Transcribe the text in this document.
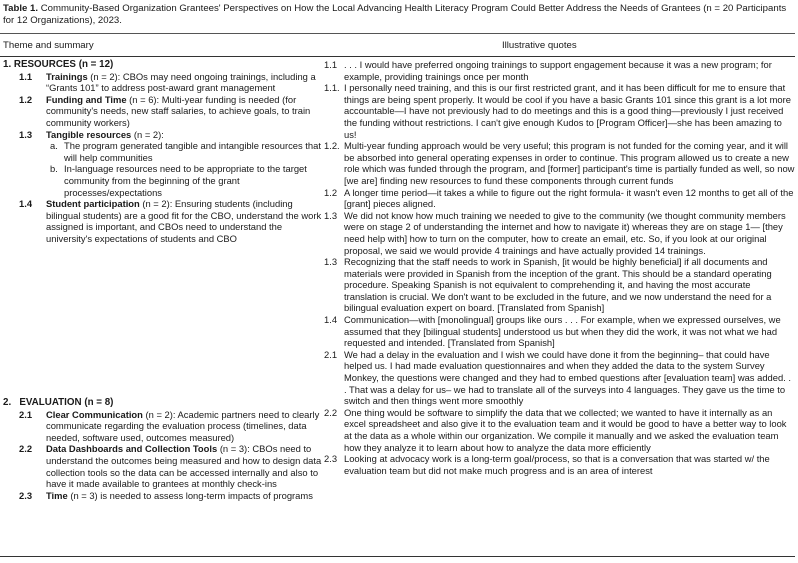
Table 1. Community-Based Organization Grantees' Perspectives on How the Local Advancing Health Literacy Program Could Better Address the Needs of Grantees (n = 20 Participants for 12 Organizations), 2023.
Theme and summary	Illustrative quotes
1. RESOURCES (n = 12)
1.1 Trainings (n = 2): CBOs may need ongoing trainings, including a “Grants 101” to address post-award grant management
1.2 Funding and Time (n = 6): Multi-year funding is needed (for community's needs, new staff salaries, to achieve goals, to train community workers)
1.3 Tangible resources (n = 2):
a. The program generated tangible and intangible resources that will help communities
b. In-language resources need to be appropriate to the target community from the beginning of the grant processes/expectations
1.4 Student participation (n = 2): Ensuring students (including bilingual students) are a good fit for the CBO, understand the work assigned is important, and CBOs need to understand the university's expectations of students and CBO
2. EVALUATION (n = 8)
2.1 Clear Communication (n = 2): Academic partners need to clearly communicate regarding the evaluation process (timelines, data needed, software used, outcomes measured)
2.2 Data Dashboards and Collection Tools (n = 3): CBOs need to understand the outcomes being measured and how to design data collection tools so the data can be accessed internally and also to have it made available to grantees at monthly check-ins
2.3 Time (n = 3) is needed to assess long-term impacts of programs
1.1 . . . I would have preferred ongoing trainings to support engagement because it was a new program; for example, providing trainings once per month
1.1. I personally need training, and this is our first restricted grant, and it has been difficult for me to ensure that things are being spent properly. It would be cool if you have a basic Grants 101 since this grant is a lot more accountable—I have not previously had to do meetings and this is a good thing—previously I just received the funding without restrictions. I can't give enough Kudos to [Program Officer]—she has been amazing to us!
1.2. Multi-year funding approach would be very useful; this program is not funded for the coming year, and it will be absorbed into general operating expenses in order to continue. This program allowed us to create a new role which was funded through the program, and [former] participant's time is partially funded as well, so now [we are] finding new resources to fund these components through current funds
1.2 A longer time period—it takes a while to figure out the right formula- it wasn't even 12 months to get all of the [grant] pieces aligned.
1.3 We did not know how much training we needed to give to the community (we thought community members were on stage 2 of understanding the internet and how to navigate it) whereas they are on stage 1— [they need help with] how to turn on the computer, how to create an email, etc. So, if you look at our original proposal, we said we would provide 4 trainings and have actually provided 14 trainings.
1.3 Recognizing that the staff needs to work in Spanish, [it would be highly beneficial] if all documents and materials were provided in Spanish from the inception of the grant. This should be a standard operating procedure. Speaking Spanish is not equivalent to comprehending it, and having the most accurate translation is crucial. We don't want to be excluded in the future, and we now understand the need for a bilingual evaluation expert on board. [Translated from Spanish]
1.4 Communication—with [monolingual] groups like ours . . . For example, when we expressed ourselves, we assumed that they [bilingual students] understood us but when they did the work, it was not what we had requested and intended. [Translated from Spanish]
2.1 We had a delay in the evaluation and I wish we could have done it from the beginning– that could have helped us. I had made evaluation questionnaires and when they added the data to the system Survey Monkey, the questions were changed and they had to embed questions after [evaluation team] was added. . . That was a delay for us– we had to translate all of the surveys into 4 languages. They gave us the time to switch and then things went more smoothly
2.2 One thing would be software to simplify the data that we collected; we wanted to have it internally as an excel spreadsheet and also give it to the evaluation team and it would be good to have a better way to look at the data as a whole within our organization. We compile it manually and we asked the evaluation team how they analyze it to learn about how to analyze the data more efficiently
2.3 Looking at advocacy work is a long-term goal/process, so that is a conversation that was started w/ the evaluation team but did not make much progress and is an area of interest
